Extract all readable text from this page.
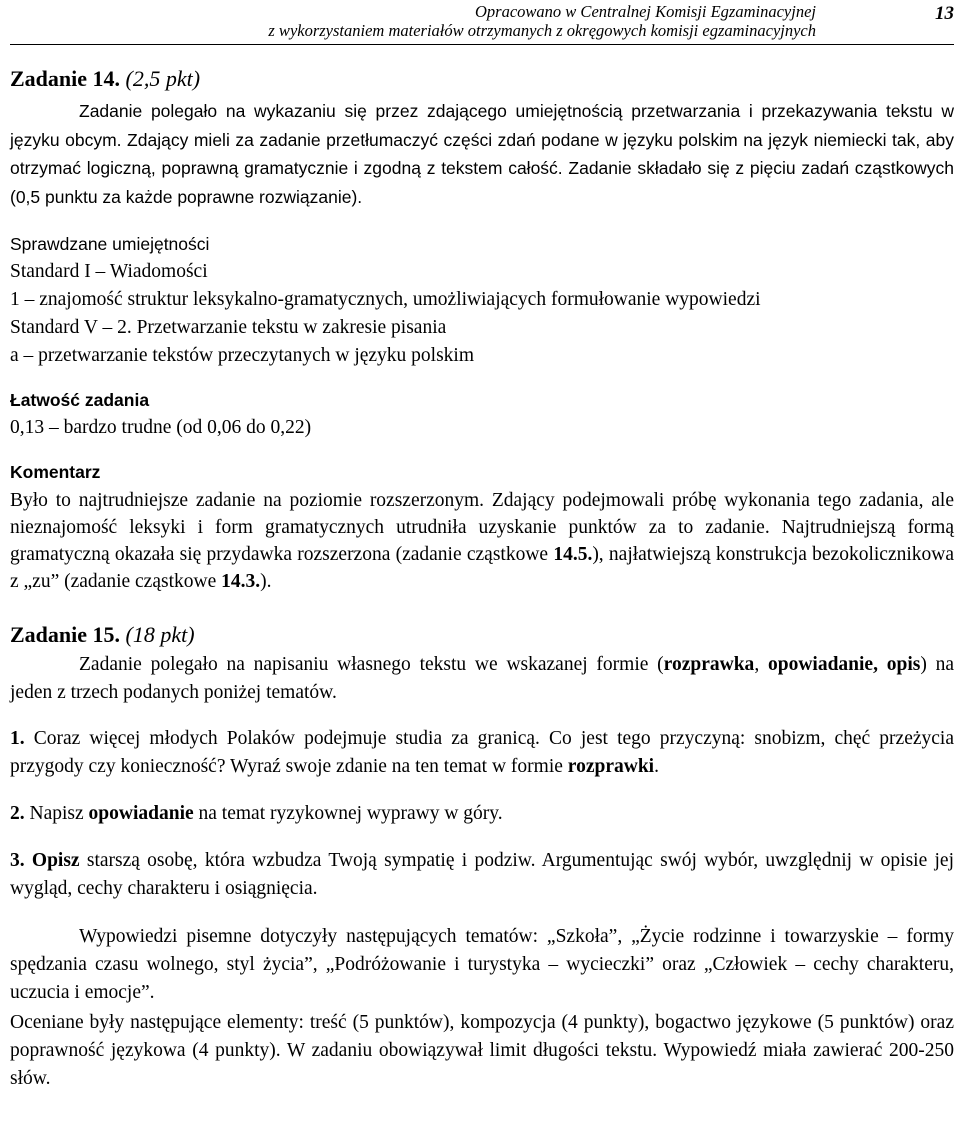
Opracowano w Centralnej Komisji Egzaminacyjnej
z wykorzystaniem materiałów otrzymanych z okręgowych komisji egzaminacyjnych
13
Zadanie 14. (2,5 pkt)

Zadanie polegało na wykazaniu się przez zdającego umiejętnością przetwarzania i przekazywania tekstu w języku obcym. Zdający mieli za zadanie przetłumaczyć części zdań podane w języku polskim na język niemiecki tak, aby otrzymać logiczną, poprawną gramatycznie i zgodną z tekstem całość. Zadanie składało się z pięciu zadań cząstkowych (0,5 punktu za każde poprawne rozwiązanie).

Sprawdzane umiejętności

Standard I – Wiadomości

1 – znajomość struktur leksykalno-gramatycznych, umożliwiających formułowanie wypowiedzi

Standard V – 2. Przetwarzanie tekstu w zakresie pisania

a – przetwarzanie tekstów przeczytanych w języku polskim

Łatwość zadania

0,13 – bardzo trudne (od 0,06 do 0,22)

Komentarz

Było to najtrudniejsze zadanie na poziomie rozszerzonym. Zdający podejmowali próbę wykonania tego zadania, ale nieznajomość leksyki i form gramatycznych utrudniła uzyskanie punktów za to zadanie. Najtrudniejszą formą gramatyczną okazała się przydawka rozszerzona (zadanie cząstkowe 14.5.), najłatwiejszą konstrukcja bezokolicznikowa z „zu” (zadanie cząstkowe 14.3.).

Zadanie 15. (18 pkt)

Zadanie polegało na napisaniu własnego tekstu we wskazanej formie (rozprawka, opowiadanie, opis) na jeden z trzech podanych poniżej tematów.

1. Coraz więcej młodych Polaków podejmuje studia za granicą. Co jest tego przyczyną: snobizm, chęć przeżycia przygody czy konieczność? Wyraź swoje zdanie na ten temat w formie rozprawki.

2. Napisz opowiadanie na temat ryzykownej wyprawy w góry.

3. Opisz starszą osobę, która wzbudza Twoją sympatię i podziw. Argumentując swój wybór, uwzględnij w opisie jej wygląd, cechy charakteru i osiągnięcia.

Wypowiedzi pisemne dotyczyły następujących tematów: „Szkoła”, „Życie rodzinne i towarzyskie – formy spędzania czasu wolnego, styl życia”, „Podróżowanie i turystyka – wycieczki” oraz „Człowiek – cechy charakteru, uczucia i emocje”.

Oceniane były następujące elementy: treść (5 punktów), kompozycja (4 punkty), bogactwo językowe (5 punktów) oraz poprawność językowa (4 punkty). W zadaniu obowiązywał limit długości tekstu. Wypowiedź miała zawierać 200-250 słów.
